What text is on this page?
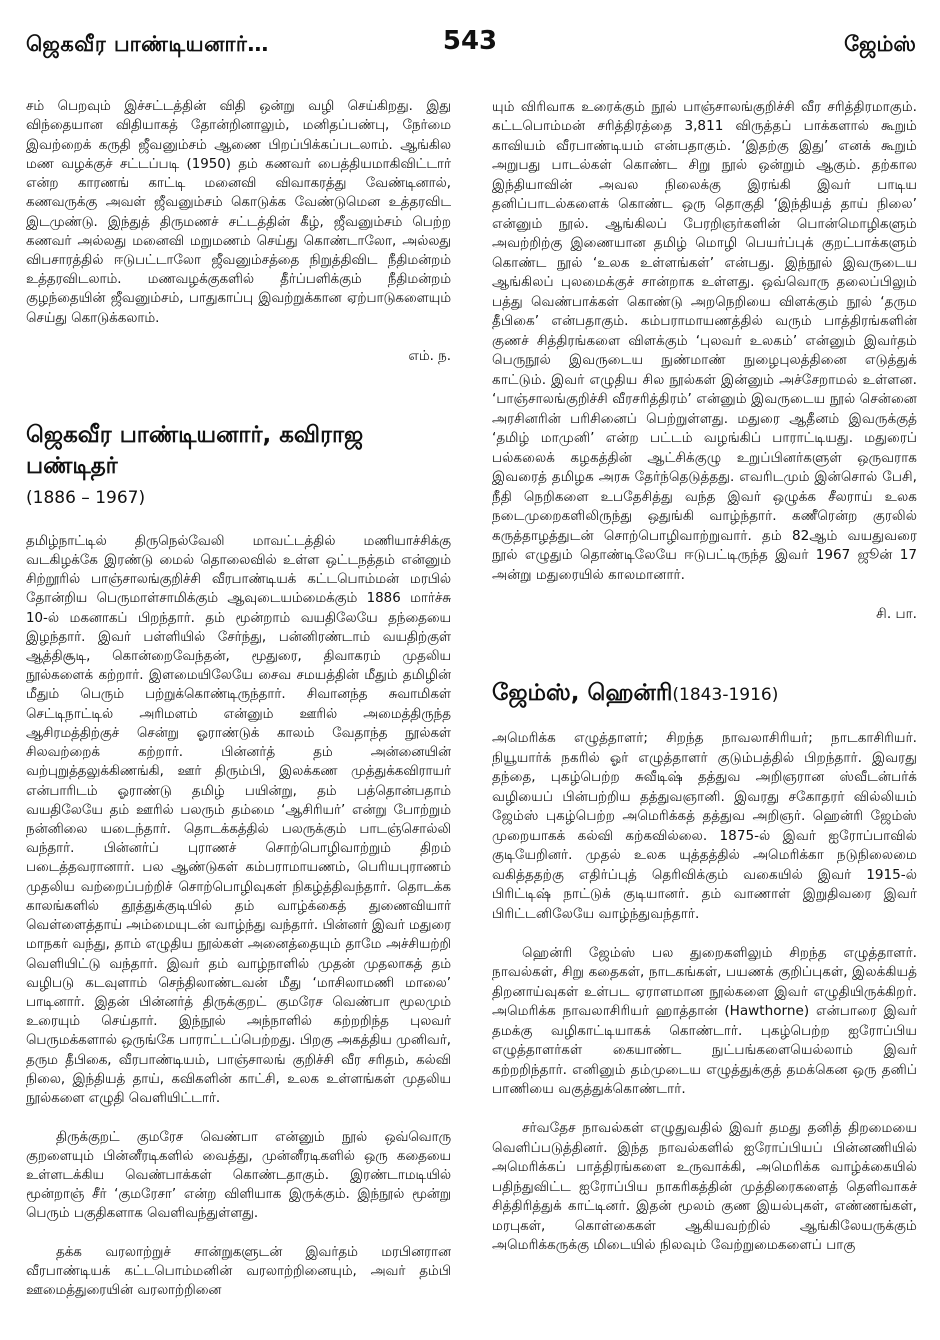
ஜெகவீர பாண்டியனார்…	543	ஜேம்ஸ்

சம் பெறவும் இச்சட்டத்தின் விதி ஒன்று வழி செய்கிறது. இது விந்தையான விதியாகத் தோன்றினாலும், மனிதப்பண்பு, நேர்மை இவற்றைக் கருதி ஜீவனும்சம் ஆணை பிறப்பிக்கப்படலாம். ஆங்கில மண வழக்குச் சட்டப்படி (1950) தம் கணவர் பைத்தியமாகிவிட்டார் என்ற காரணங் காட்டி மனைவி விவாகரத்து வேண்டினால், கணவருக்கு அவள் ஜீவனும்சம் கொடுக்க வேண்டுமென உத்தரவிட இடமுண்டு. இந்துத் திருமணச் சட்டத்தின் கீழ், ஜீவனும்சம் பெற்ற கணவர் அல்லது மனைவி மறுமணம் செய்து கொண்டாலோ, அல்லது விபசாரத்தில் ஈடுபட்டாலோ ஜீவனும்சத்தை நிறுத்திவிட நீதிமன்றம் உத்தரவிடலாம். மணவழக்குகளில் தீர்ப்பளிக்கும் நீதிமன்றம் குழந்தையின் ஜீவனும்சம், பாதுகாப்பு இவற்றுக்கான ஏற்பாடுகளையும் செய்து கொடுக்கலாம்.

எம். ந.

ஜெகவீர பாண்டியனார், கவிராஜ பண்டிதர்
(1886 – 1967)

தமிழ்நாட்டில் திருநெல்வேலி மாவட்டத்தில் மணியாச்சிக்கு வடகிழக்கே இரண்டு மைல் தொலைவில் உள்ள ஒட்டநத்தம் என்னும் சிற்றூரில் பாஞ்சாலங்குறிச்சி வீரபாண்டியக் கட்டபொம்மன் மரபில் தோன்றிய பெருமாள்சாமிக்கும் ஆவுடையம்மைக்கும் 1886 மார்ச்சு 10-ல் மகனாகப் பிறந்தார். தம் மூன்றாம் வயதிலேயே தந்தையை இழந்தார். இவர் பள்ளியில் சேர்ந்து, பன்னிரண்டாம் வயதிற்குள் ஆத்திசூடி, கொன்றைவேந்தன், மூதுரை, திவாகரம் முதலிய நூல்களைக் கற்றார். இளமையிலேயே சைவ சமயத்தின் மீதும் தமிழின் மீதும் பெரும் பற்றுக்கொண்டிருந்தார். சிவானந்த சுவாமிகள் செட்டிநாட்டில் அரிமளம் என்னும் ஊரில் அமைத்திருந்த ஆசிரமத்திற்குச் சென்று ஓராண்டுக் காலம் வேதாந்த நூல்கள் சிலவற்றைக் கற்றார். பின்னர்த் தம் அன்னையின் வற்புறுத்தலுக்கிணங்கி, ஊர் திரும்பி, இலக்கண முத்துக்கவிராயர் என்பாரிடம் ஓராண்டு தமிழ் பயின்று, தம் பத்தொன்பதாம் வயதிலேயே தம் ஊரில் பலரும் தம்மை ‘ஆசிரியர்’ என்று போற்றும் நன்னிலை யடைந்தார். தொடக்கத்தில் பலருக்கும் பாடஞ்சொல்லி வந்தார். பின்னர்ப் புராணச் சொற்பொழிவாற்றும் திறம் படைத்தவரானார். பல ஆண்டுகள் கம்பராமாயணம், பெரியபுராணம் முதலிய வற்றைப்பற்றிச் சொற்பொழிவுகள் நிகழ்த்திவந்தார். தொடக்க காலங்களில் தூத்துக்குடியில் தம் வாழ்க்கைத் துணைவியார் வெள்ளைத்தாய் அம்மையுடன் வாழ்ந்து வந்தார். பின்னர் இவர் மதுரை மாநகர் வந்து, தாம் எழுதிய நூல்கள் அனைத்தையும் தாமே அச்சியற்றி வெளியிட்டு வந்தார். இவர் தம் வாழ்நாளில் முதன் முதலாகத் தம் வழிபடு கடவுளாம் செந்திலாண்டவன் மீது ‘மாசிலாமணி மாலை’ பாடினார். இதன் பின்னர்த் திருக்குறட் குமரேச வெண்பா மூலமும் உரையும் செய்தார். இந்நூல் அந்நாளில் கற்றறிந்த புலவர் பெருமக்களால் ஒருங்கே பாராட்டப்பெற்றது. பிறகு அகத்திய முனிவர், தரும தீபிகை, வீரபாண்டியம், பாஞ்சாலங் குறிச்சி வீர சரிதம், கல்வி நிலை, இந்தியத் தாய், கவிகளின் காட்சி, உலக உள்ளங்கள் முதலிய நூல்களை எழுதி வெளியிட்டார்.

திருக்குறட் குமரேச வெண்பா என்னும் நூல் ஒவ்வொரு குறளையும் பின்னீரடிகளில் வைத்து, முன்னீரடிகளில் ஒரு கதையை உள்ளடக்கிய வெண்பாக்கள் கொண்டதாகும். இரண்டாமடியில் மூன்றாஞ் சீர் ‘குமரேசா’ என்ற விளியாக இருக்கும். இந்நூல் மூன்று பெரும் பகுதிகளாக வெளிவந்துள்ளது.

தக்க வரலாற்றுச் சான்றுகளுடன் இவர்தம் மரபினரான வீரபாண்டியக் கட்டபொம்மனின் வரலாற்றினையும், அவர் தம்பி ஊமைத்துரையின் வரலாற்றினை

யும் விரிவாக உரைக்கும் நூல் பாஞ்சாலங்குறிச்சி வீர சரித்திரமாகும். கட்டபொம்மன் சரித்திரத்தை 3,811 விருத்தப் பாக்களால் கூறும் காவியம் வீரபாண்டியம் என்பதாகும். ‘இதற்கு இது’ எனக் கூறும் அறுபது பாடல்கள் கொண்ட சிறு நூல் ஒன்றும் ஆகும். தற்கால இந்தியாவின் அவல நிலைக்கு இரங்கி இவர் பாடிய தனிப்பாடல்களைக் கொண்ட ஒரு தொகுதி ‘இந்தியத் தாய் நிலை’ என்னும் நூல். ஆங்கிலப் பேரறிஞர்களின் பொன்மொழிகளும் அவற்றிற்கு இணையான தமிழ் மொழி பெயர்ப்புக் குறட்பாக்களும் கொண்ட நூல் ‘உலக உள்ளங்கள்’ என்பது. இந்நூல் இவருடைய ஆங்கிலப் புலமைக்குச் சான்றாக உள்ளது. ஒவ்வொரு தலைப்பிலும் பத்து வெண்பாக்கள் கொண்டு அறநெறியை விளக்கும் நூல் ‘தரும தீபிகை’ என்பதாகும். கம்பராமாயணத்தில் வரும் பாத்திரங்களின் குணச் சித்திரங்களை விளக்கும் ‘புலவர் உலகம்’ என்னும் இவர்தம் பெருநூல் இவருடைய நுண்மாண் நுழைபுலத்தினை எடுத்துக் காட்டும். இவர் எழுதிய சில நூல்கள் இன்னும் அச்சேறாமல் உள்ளன. ‘பாஞ்சாலங்குறிச்சி வீரசரித்திரம்’ என்னும் இவருடைய நூல் சென்னை அரசினரின் பரிசினைப் பெற்றுள்ளது. மதுரை ஆதீனம் இவருக்குத் ‘தமிழ் மாமுனி’ என்ற பட்டம் வழங்கிப் பாராட்டியது. மதுரைப் பல்கலைக் கழகத்தின் ஆட்சிக்குழு உறுப்பினர்களுள் ஒருவராக இவரைத் தமிழக அரசு தேர்ந்தெடுத்தது. எவரிடமும் இன்சொல் பேசி, நீதி நெறிகளை உபதேசித்து வந்த இவர் ஒழுக்க சீலராய் உலக நடைமுறைகளிலிருந்து ஒதுங்கி வாழ்ந்தார். கணீரென்ற குரலில் கருத்தாழத்துடன் சொற்பொழிவாற்றுவார். தம் 82ஆம் வயதுவரை நூல் எழுதும் தொண்டிலேயே ஈடுபட்டிருந்த இவர் 1967 ஜூன் 17 அன்று மதுரையில் காலமானார்.

சி. பா.

ஜேம்ஸ், ஹென்ரி(1843-1916)

அமெரிக்க எழுத்தாளர்; சிறந்த நாவலாசிரியர்; நாடகாசிரியர். நியூயார்க் நகரில் ஓர் எழுத்தாளர் குடும்பத்தில் பிறந்தார். இவரது தந்தை, புகழ்பெற்ற சுவீடிஷ் தத்துவ அறிஞரான ஸ்வீடன்பர்க் வழியைப் பின்பற்றிய தத்துவஞானி. இவரது சகோதரர் வில்லியம் ஜேம்ஸ் புகழ்பெற்ற அமெரிக்கத் தத்துவ அறிஞர். ஹென்ரி ஜேம்ஸ் முறையாகக் கல்வி கற்கவில்லை. 1875-ல் இவர் ஐரோப்பாவில் குடியேறினர். முதல் உலக யுத்தத்தில் அமெரிக்கா நடுநிலைமை வகித்ததற்கு எதிர்ப்புத் தெரிவிக்கும் வகையில் இவர் 1915-ல் பிரிட்டிஷ் நாட்டுக் குடியானர். தம் வாணாள் இறுதிவரை இவர் பிரிட்டனிலேயே வாழ்ந்துவந்தார்.

ஹென்ரி ஜேம்ஸ் பல துறைகளிலும் சிறந்த எழுத்தாளர். நாவல்கள், சிறு கதைகள், நாடகங்கள், பயணக் குறிப்புகள், இலக்கியத் திறனாய்வுகள் உள்பட ஏராளமான நூல்களை இவர் எழுதியிருக்கிறர். அமெரிக்க நாவலாசிரியர் ஹாத்தான் (Hawthorne) என்பாரை இவர் தமக்கு வழிகாட்டியாகக் கொண்டார். புகழ்பெற்ற ஐரோப்பிய எழுத்தாளர்கள் கையாண்ட நுட்பங்களையெல்லாம் இவர் கற்றறிந்தார். எனினும் தம்முடைய எழுத்துக்குத் தமக்கென ஒரு தனிப் பாணியை வகுத்துக்கொண்டார்.

சர்வதேச நாவல்கள் எழுதுவதில் இவர் தமது தனித் திறமையை வெளிப்படுத்தினர். இந்த நாவல்களில் ஐரோப்பியப் பின்னணியில் அமெரிக்கப் பாத்திரங்களை உருவாக்கி, அமெரிக்க வாழ்க்கையில் பதிந்துவிட்ட ஐரோப்பிய நாகரிகத்தின் முத்திரைகளைத் தெளிவாகச் சித்திரித்துக் காட்டினர். இதன் மூலம் குண இயல்புகள், எண்ணங்கள், மரபுகள், கொள்கைகள் ஆகியவற்றில் ஆங்கிலேயருக்கும் அமெரிக்கருக்கு மிடையில் நிலவும் வேற்றுமைகளைப் பாகு
